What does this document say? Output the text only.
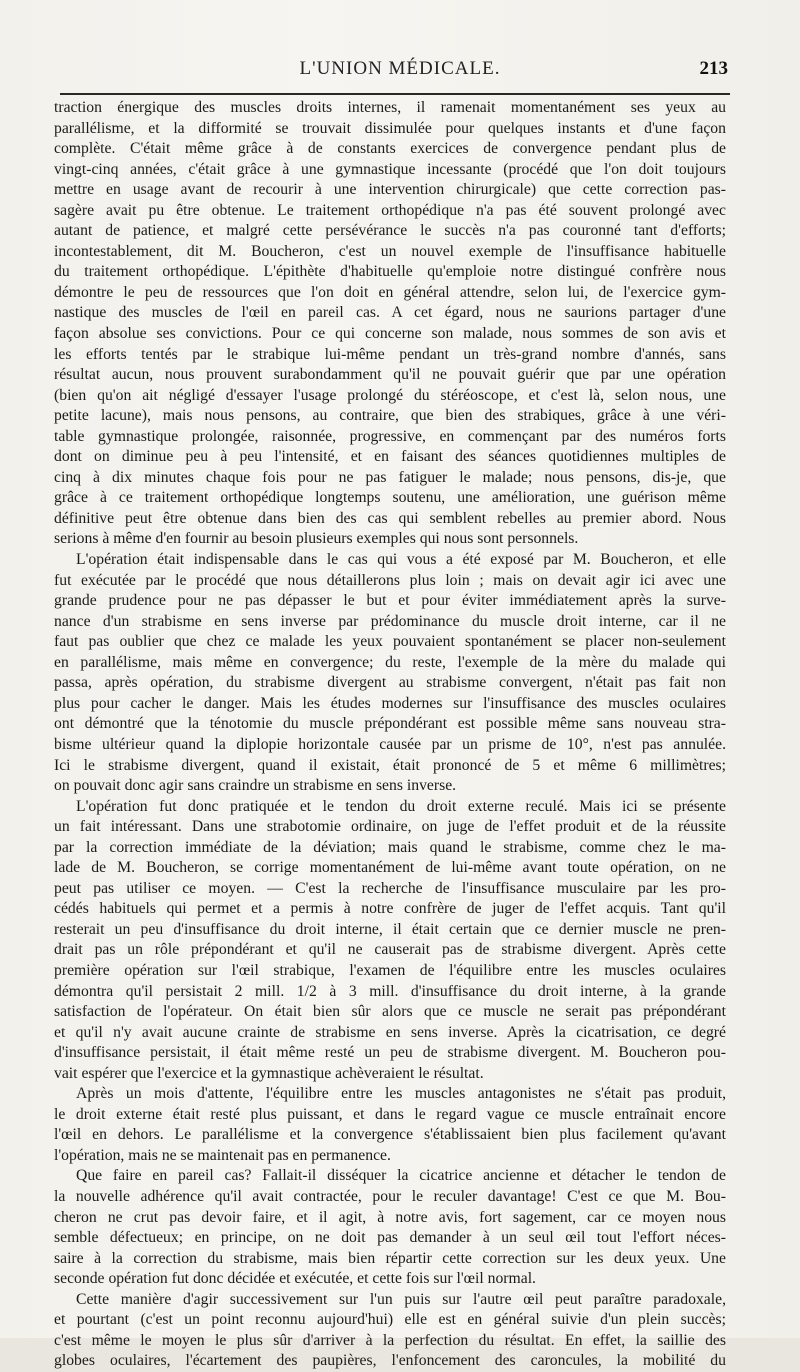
L'UNION MÉDICALE.	213

traction énergique des muscles droits internes, il ramenait momentanément ses yeux au
parallélisme, et la difformité se trouvait dissimulée pour quelques instants et d'une façon
complète. C'était même grâce à de constants exercices de convergence pendant plus de
vingt-cinq années, c'était grâce à une gymnastique incessante (procédé que l'on doit toujours
mettre en usage avant de recourir à une intervention chirurgicale) que cette correction pas-
sagère avait pu être obtenue. Le traitement orthopédique n'a pas été souvent prolongé avec
autant de patience, et malgré cette persévérance le succès n'a pas couronné tant d'efforts;
incontestablement, dit M. Boucheron, c'est un nouvel exemple de l'insuffisance habituelle
du traitement orthopédique. L'épithète d'habituelle qu'emploie notre distingué confrère nous
démontre le peu de ressources que l'on doit en général attendre, selon lui, de l'exercice gym-
nastique des muscles de l'œil en pareil cas. A cet égard, nous ne saurions partager d'une
façon absolue ses convictions. Pour ce qui concerne son malade, nous sommes de son avis et
les efforts tentés par le strabique lui-même pendant un très-grand nombre d'annés, sans
résultat aucun, nous prouvent surabondamment qu'il ne pouvait guérir que par une opération
(bien qu'on ait négligé d'essayer l'usage prolongé du stéréoscope, et c'est là, selon nous, une
petite lacune), mais nous pensons, au contraire, que bien des strabiques, grâce à une véri-
table gymnastique prolongée, raisonnée, progressive, en commençant par des numéros forts
dont on diminue peu à peu l'intensité, et en faisant des séances quotidiennes multiples de
cinq à dix minutes chaque fois pour ne pas fatiguer le malade; nous pensons, dis-je, que
grâce à ce traitement orthopédique longtemps soutenu, une amélioration, une guérison même
définitive peut être obtenue dans bien des cas qui semblent rebelles au premier abord. Nous
serions à même d'en fournir au besoin plusieurs exemples qui nous sont personnels.

L'opération était indispensable dans le cas qui vous a été exposé par M. Boucheron, et elle
fut exécutée par le procédé que nous détaillerons plus loin ; mais on devait agir ici avec une
grande prudence pour ne pas dépasser le but et pour éviter immédiatement après la surve-
nance d'un strabisme en sens inverse par prédominance du muscle droit interne, car il ne
faut pas oublier que chez ce malade les yeux pouvaient spontanément se placer non-seulement
en parallélisme, mais même en convergence; du reste, l'exemple de la mère du malade qui
passa, après opération, du strabisme divergent au strabisme convergent, n'était pas fait non
plus pour cacher le danger. Mais les études modernes sur l'insuffisance des muscles oculaires
ont démontré que la ténotomie du muscle prépondérant est possible même sans nouveau stra-
bisme ultérieur quand la diplopie horizontale causée par un prisme de 10°, n'est pas annulée.
Ici le strabisme divergent, quand il existait, était prononcé de 5 et même 6 millimètres;
on pouvait donc agir sans craindre un strabisme en sens inverse.

L'opération fut donc pratiquée et le tendon du droit externe reculé. Mais ici se présente
un fait intéressant. Dans une strabotomie ordinaire, on juge de l'effet produit et de la réussite
par la correction immédiate de la déviation; mais quand le strabisme, comme chez le ma-
lade de M. Boucheron, se corrige momentanément de lui-même avant toute opération, on ne
peut pas utiliser ce moyen. — C'est la recherche de l'insuffisance musculaire par les pro-
cédés habituels qui permet et a permis à notre confrère de juger de l'effet acquis. Tant qu'il
resterait un peu d'insuffisance du droit interne, il était certain que ce dernier muscle ne pren-
drait pas un rôle prépondérant et qu'il ne causerait pas de strabisme divergent. Après cette
première opération sur l'œil strabique, l'examen de l'équilibre entre les muscles oculaires
démontra qu'il persistait 2 mill. 1/2 à 3 mill. d'insuffisance du droit interne, à la grande
satisfaction de l'opérateur. On était bien sûr alors que ce muscle ne serait pas prépondérant
et qu'il n'y avait aucune crainte de strabisme en sens inverse. Après la cicatrisation, ce degré
d'insuffisance persistait, il était même resté un peu de strabisme divergent. M. Boucheron pou-
vait espérer que l'exercice et la gymnastique achèveraient le résultat.

Après un mois d'attente, l'équilibre entre les muscles antagonistes ne s'était pas produit,
le droit externe était resté plus puissant, et dans le regard vague ce muscle entraînait encore
l'œil en dehors. Le parallélisme et la convergence s'établissaient bien plus facilement qu'avant
l'opération, mais ne se maintenait pas en permanence.

Que faire en pareil cas? Fallait-il disséquer la cicatrice ancienne et détacher le tendon de
la nouvelle adhérence qu'il avait contractée, pour le reculer davantage! C'est ce que M. Bou-
cheron ne crut pas devoir faire, et il agit, à notre avis, fort sagement, car ce moyen nous
semble défectueux; en principe, on ne doit pas demander à un seul œil tout l'effort néces-
saire à la correction du strabisme, mais bien répartir cette correction sur les deux yeux. Une
seconde opération fut donc décidée et exécutée, et cette fois sur l'œil normal.

Cette manière d'agir successivement sur l'un puis sur l'autre œil peut paraître paradoxale,
et pourtant (c'est un point reconnu aujourd'hui) elle est en général suivie d'un plein succès;
c'est même le moyen le plus sûr d'arriver à la perfection du résultat. En effet, la saillie des
globes oculaires, l'écartement des paupières, l'enfoncement des caroncules, la mobilité du
